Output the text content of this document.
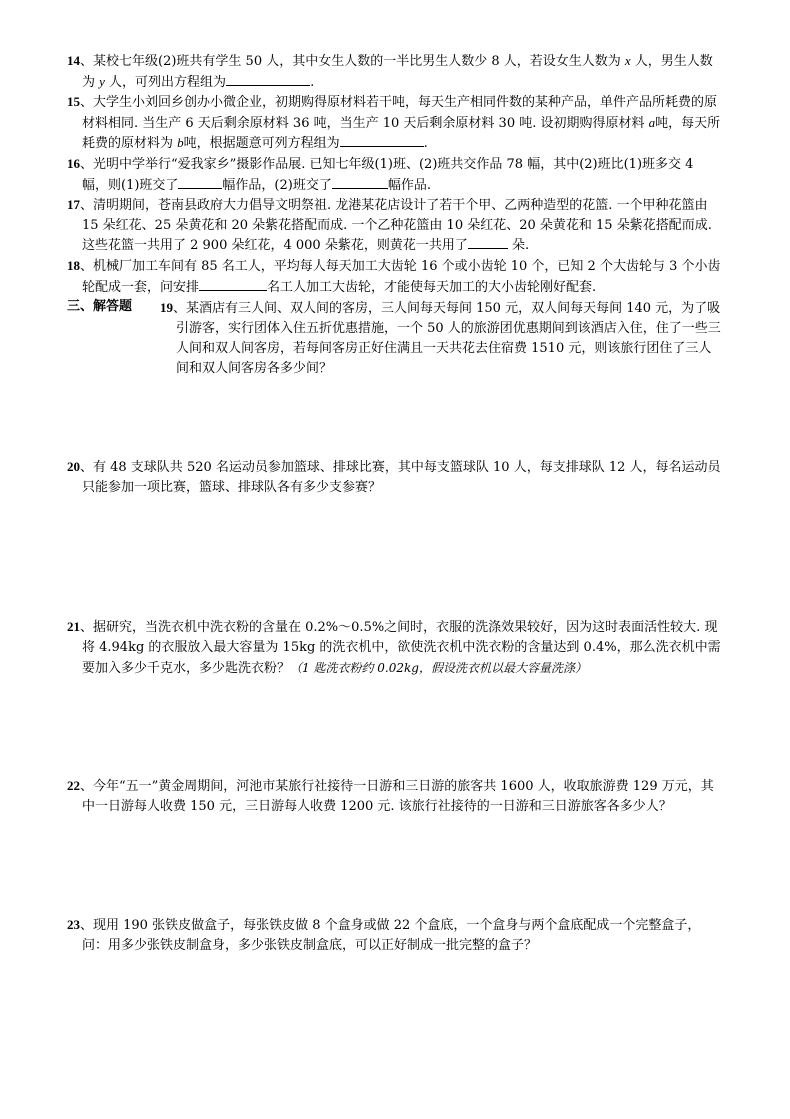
14、某校七年级(2)班共有学生 50 人，其中女生人数的一半比男生人数少 8 人，若设女生人数为 x 人，男生人数为 y 人，可列出方程组为	.

15、大学生小刘回乡创办小微企业，初期购得原材料若干吨，每天生产相同件数的某种产品，单件产品所耗费的原材料相同. 当生产 6 天后剩余原材料 36 吨，当生产 10 天后剩余原材料 30 吨. 设初期购得原材料 a吨，每天所耗费的原材料为 b吨，根据题意可列方程组为	.

16、光明中学举行“爱我家乡”摄影作品展. 已知七年级(1)班、(2)班共交作品 78 幅，其中(2)班比(1)班多交 4 幅，则(1)班交了	幅作品，(2)班交了	幅作品.

17、清明期间，苍南县政府大力倡导文明祭祖. 龙港某花店设计了若干个甲、乙两种造型的花篮. 一个甲种花篮由 15 朵红花、25 朵黄花和 20 朵紫花搭配而成. 一个乙种花篮由 10 朵红花、20 朵黄花和 15 朵紫花搭配而成. 这些花篮一共用了 2 900 朵红花，4 000 朵紫花，则黄花一共用了	朵.

18、机械厂加工车间有 85 名工人，平均每人每天加工大齿轮 16 个或小齿轮 10 个，已知 2 个大齿轮与 3 个小齿轮配成一套，问安排	名工人加工大齿轮，才能使每天加工的大小齿轮刚好配套.

三、解答题	19、某酒店有三人间、双人间的客房，三人间每天每间 150 元，双人间每天每间 140 元，为了吸引游客，实行团体入住五折优惠措施，一个 50 人的旅游团优惠期间到该酒店入住，住了一些三人间和双人间客房，若每间客房正好住满且一天共花去住宿费 1510 元，则该旅行团住了三人间和双人间客房各多少间？

20、有 48 支球队共 520 名运动员参加篮球、排球比赛，其中每支篮球队 10 人，每支排球队 12 人，每名运动员只能参加一项比赛，篮球、排球队各有多少支参赛？

21、据研究，当洗衣机中洗衣粉的含量在 0.2%～0.5%之间时，衣服的洗涤效果较好，因为这时表面活性较大. 现将 4.94kg 的衣服放入最大容量为 15kg 的洗衣机中，欲使洗衣机中洗衣粉的含量达到 0.4%，那么洗衣机中需要加入多少千克水，多少匙洗衣粉？（1 匙洗衣粉约 0.02kg，假设洗衣机以最大容量洗涤）

22、今年“五一”黄金周期间，河池市某旅行社接待一日游和三日游的旅客共 1600 人，收取旅游费 129 万元，其中一日游每人收费 150 元，三日游每人收费 1200 元. 该旅行社接待的一日游和三日游旅客各多少人？

23、现用 190 张铁皮做盒子，每张铁皮做 8 个盒身或做 22 个盒底，一个盒身与两个盒底配成一个完整盒子，问：用多少张铁皮制盒身，多少张铁皮制盒底，可以正好制成一批完整的盒子？
